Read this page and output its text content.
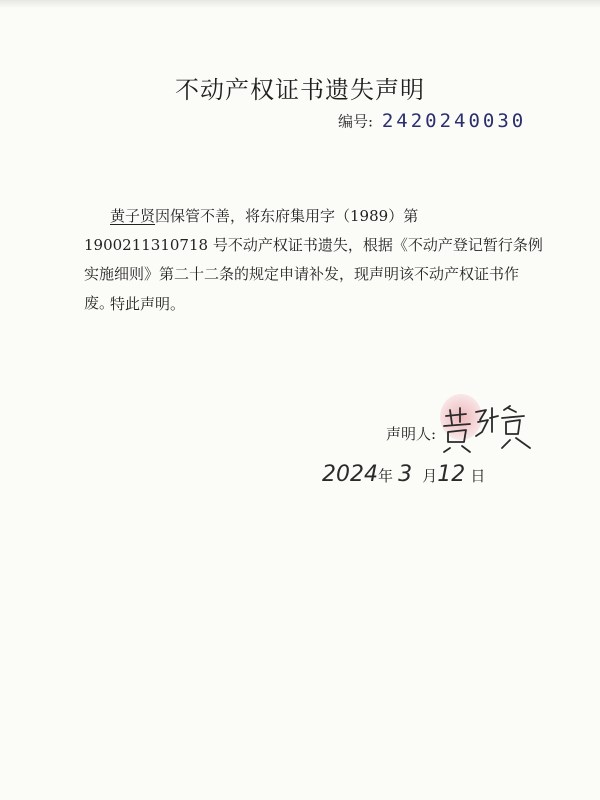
不动产权证书遗失声明
编号: 2420240030

黄子贤因保管不善，将东府集用字（1989）第 1900211310718 号不动产权证书遗失，根据《不动产登记暂行条例实施细则》第二十二条的规定申请补发，现声明该不动产权证书作废。

特此声明。
声明人:
2024年 3 月12 日
